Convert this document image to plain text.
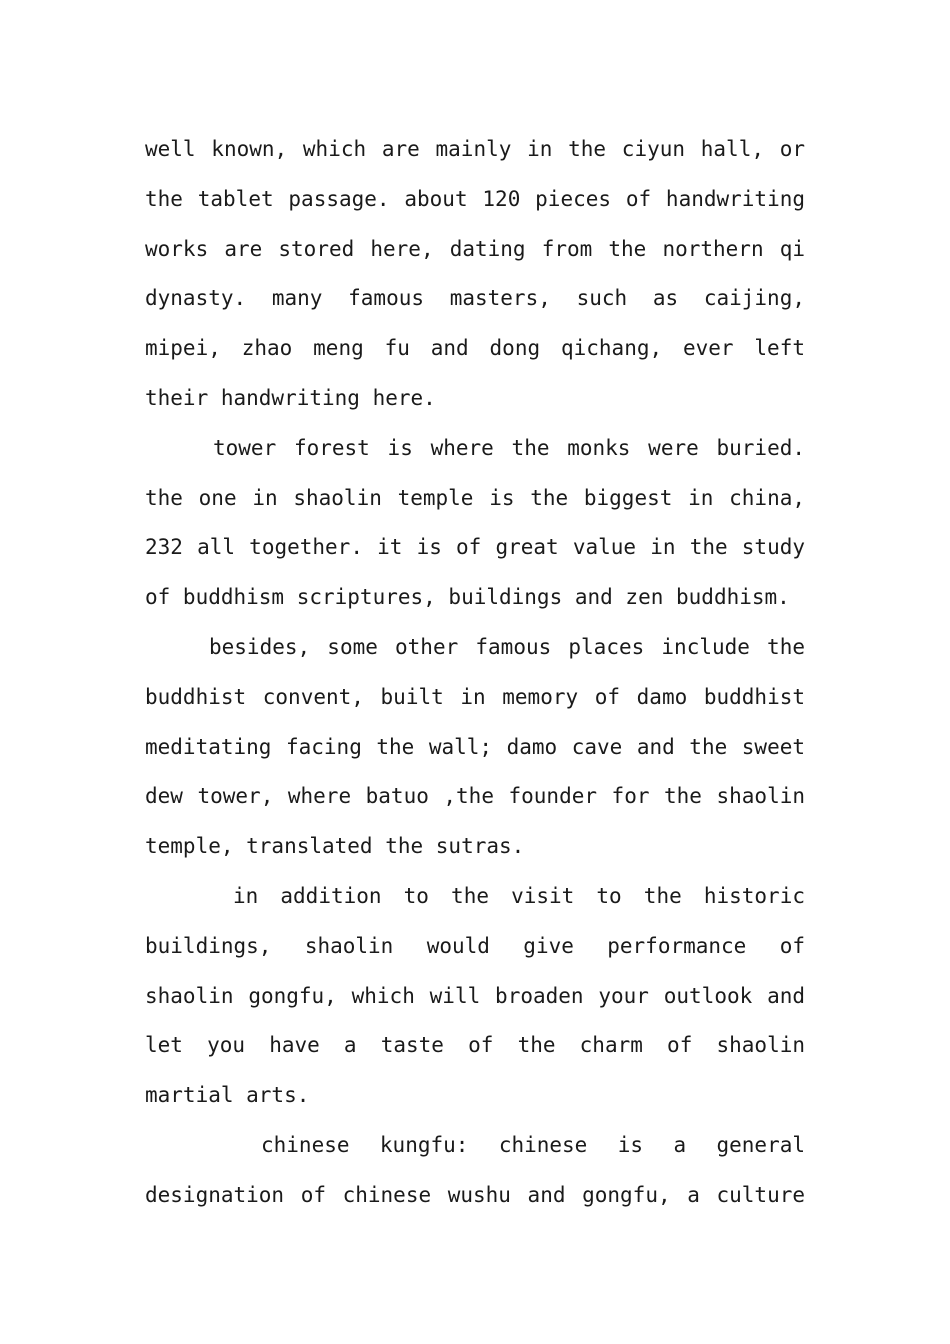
well known, which are mainly in the ciyun hall, or
the tablet passage. about 120 pieces of handwriting
works are stored here, dating from the northern qi
dynasty. many famous masters, such as caijing,
mipei, zhao meng fu and dong qichang, ever left
their handwriting here.
tower forest is where the monks were buried.
the one in shaolin temple is the biggest in china,
232 all together. it is of great value in the study
of buddhism scriptures, buildings and zen buddhism.
besides, some other famous places include the
buddhist convent, built in memory of damo buddhist
meditating facing the wall; damo cave and the sweet
dew tower, where batuo ,the founder for the shaolin
temple, translated the sutras.
in addition to the visit to the historic
buildings, shaolin would give performance of
shaolin gongfu, which will broaden your outlook and
let you have a taste of the charm of shaolin
martial arts.
chinese kungfu: chinese is a general
designation of chinese wushu and gongfu, a culture
